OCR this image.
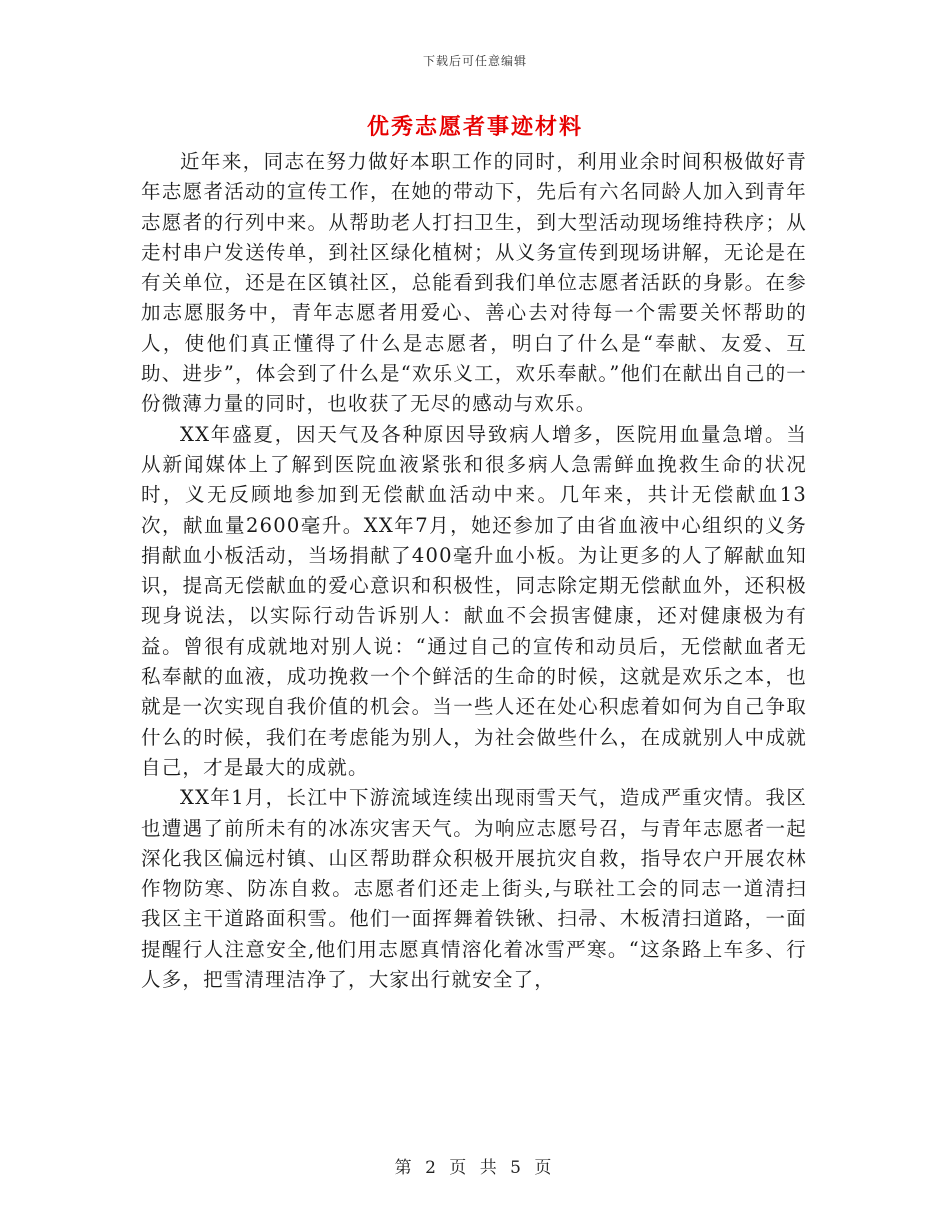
下载后可任意编辑
优秀志愿者事迹材料

近年来，同志在努力做好本职工作的同时，利用业余时间积极做好青年志愿者活动的宣传工作，在她的带动下，先后有六名同龄人加入到青年志愿者的行列中来。从帮助老人打扫卫生，到大型活动现场维持秩序；从走村串户发送传单，到社区绿化植树；从义务宣传到现场讲解，无论是在有关单位，还是在区镇社区，总能看到我们单位志愿者活跃的身影。在参加志愿服务中，青年志愿者用爱心、善心去对待每一个需要关怀帮助的人，使他们真正懂得了什么是志愿者，明白了什么是“奉献、友爱、互助、进步”，体会到了什么是“欢乐义工，欢乐奉献。”他们在献出自己的一份微薄力量的同时，也收获了无尽的感动与欢乐。

XX年盛夏，因天气及各种原因导致病人增多，医院用血量急增。当从新闻媒体上了解到医院血液紧张和很多病人急需鲜血挽救生命的状况时，义无反顾地参加到无偿献血活动中来。几年来，共计无偿献血13次，献血量2600毫升。XX年7月，她还参加了由省血液中心组织的义务捐献血小板活动，当场捐献了400毫升血小板。为让更多的人了解献血知识，提高无偿献血的爱心意识和积极性，同志除定期无偿献血外，还积极现身说法，以实际行动告诉别人：献血不会损害健康，还对健康极为有益。曾很有成就地对别人说：“通过自己的宣传和动员后，无偿献血者无私奉献的血液，成功挽救一个个鲜活的生命的时候，这就是欢乐之本，也就是一次实现自我价值的机会。当一些人还在处心积虑着如何为自己争取什么的时候，我们在考虑能为别人，为社会做些什么，在成就别人中成就自己，才是最大的成就。

XX年1月，长江中下游流域连续出现雨雪天气，造成严重灾情。我区也遭遇了前所未有的冰冻灾害天气。为响应志愿号召，与青年志愿者一起深化我区偏远村镇、山区帮助群众积极开展抗灾自救，指导农户开展农林作物防寒、防冻自救。志愿者们还走上街头,与联社工会的同志一道清扫我区主干道路面积雪。他们一面挥舞着铁锹、扫帚、木板清扫道路，一面提醒行人注意安全,他们用志愿真情溶化着冰雪严寒。“这条路上车多、行人多，把雪清理洁净了，大家出行就安全了，

第 2 页 共 5 页
